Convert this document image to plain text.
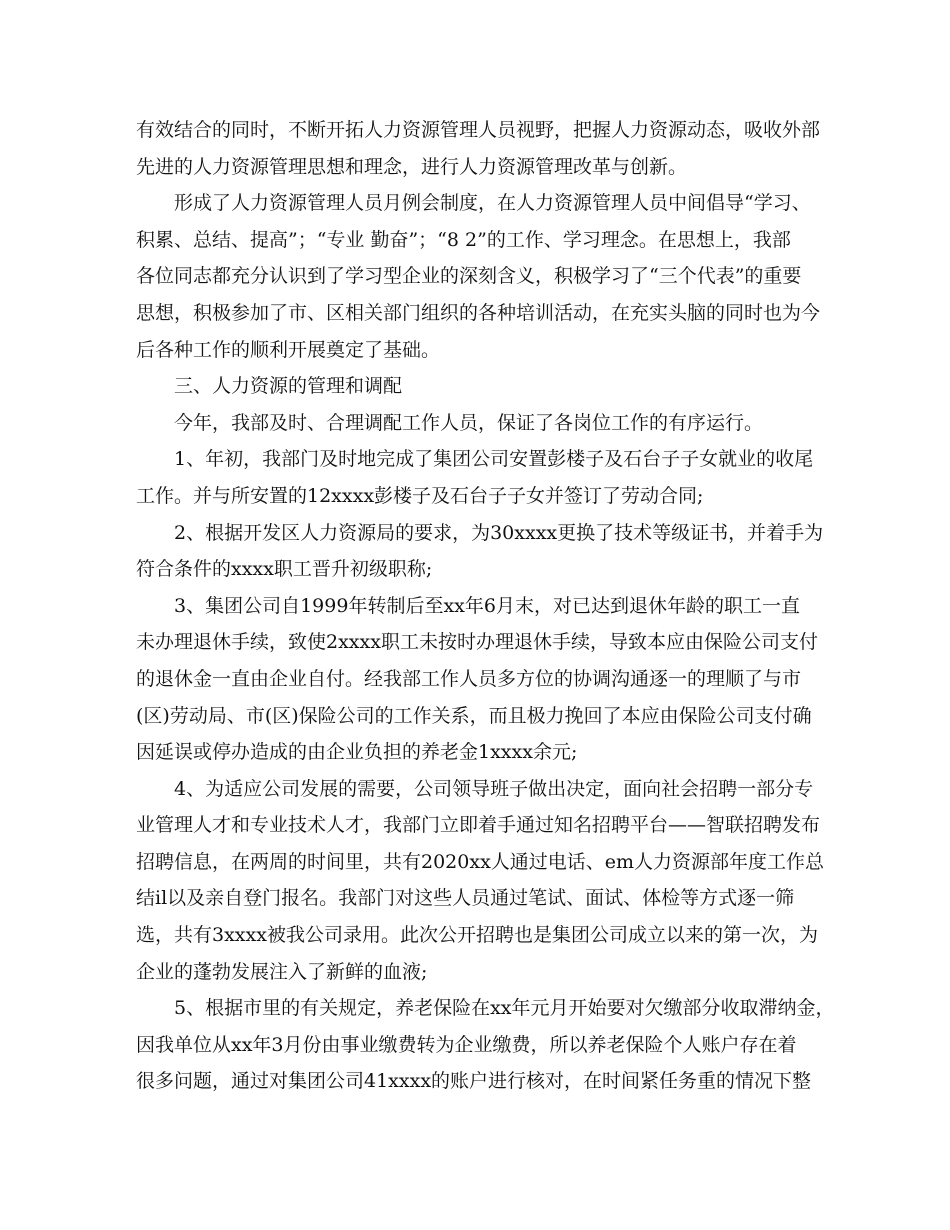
有效结合的同时，不断开拓人力资源管理人员视野，把握人力资源动态，吸收外部
先进的人力资源管理思想和理念，进行人力资源管理改革与创新。

形成了人力资源管理人员月例会制度，在人力资源管理人员中间倡导“学习、
积累、总结、提高”；“专业 勤奋”；“8 2”的工作、学习理念。在思想上，我部
各位同志都充分认识到了学习型企业的深刻含义，积极学习了“三个代表”的重要
思想，积极参加了市、区相关部门组织的各种培训活动，在充实头脑的同时也为今
后各种工作的顺利开展奠定了基础。

三、人力资源的管理和调配

今年，我部及时、合理调配工作人员，保证了各岗位工作的有序运行。

1、年初，我部门及时地完成了集团公司安置彭楼子及石台子子女就业的收尾
工作。并与所安置的12xxxx彭楼子及石台子子女并签订了劳动合同;

2、根据开发区人力资源局的要求，为30xxxx更换了技术等级证书，并着手为
符合条件的xxxx职工晋升初级职称;

3、集团公司自1999年转制后至xx年6月末，对已达到退休年龄的职工一直
未办理退休手续，致使2xxxx职工未按时办理退休手续，导致本应由保险公司支付
的退休金一直由企业自付。经我部工作人员多方位的协调沟通逐一的理顺了与市
(区)劳动局、市(区)保险公司的工作关系，而且极力挽回了本应由保险公司支付确
因延误或停办造成的由企业负担的养老金1xxxx余元;

4、为适应公司发展的需要，公司领导班子做出决定，面向社会招聘一部分专
业管理人才和专业技术人才，我部门立即着手通过知名招聘平台——智联招聘发布
招聘信息，在两周的时间里，共有2020xx人通过电话、em人力资源部年度工作总
结il以及亲自登门报名。我部门对这些人员通过笔试、面试、体检等方式逐一筛
选，共有3xxxx被我公司录用。此次公开招聘也是集团公司成立以来的第一次，为
企业的蓬勃发展注入了新鲜的血液;

5、根据市里的有关规定，养老保险在xx年元月开始要对欠缴部分收取滞纳金，
因我单位从xx年3月份由事业缴费转为企业缴费，所以养老保险个人账户存在着
很多问题，通过对集团公司41xxxx的账户进行核对，在时间紧任务重的情况下整
